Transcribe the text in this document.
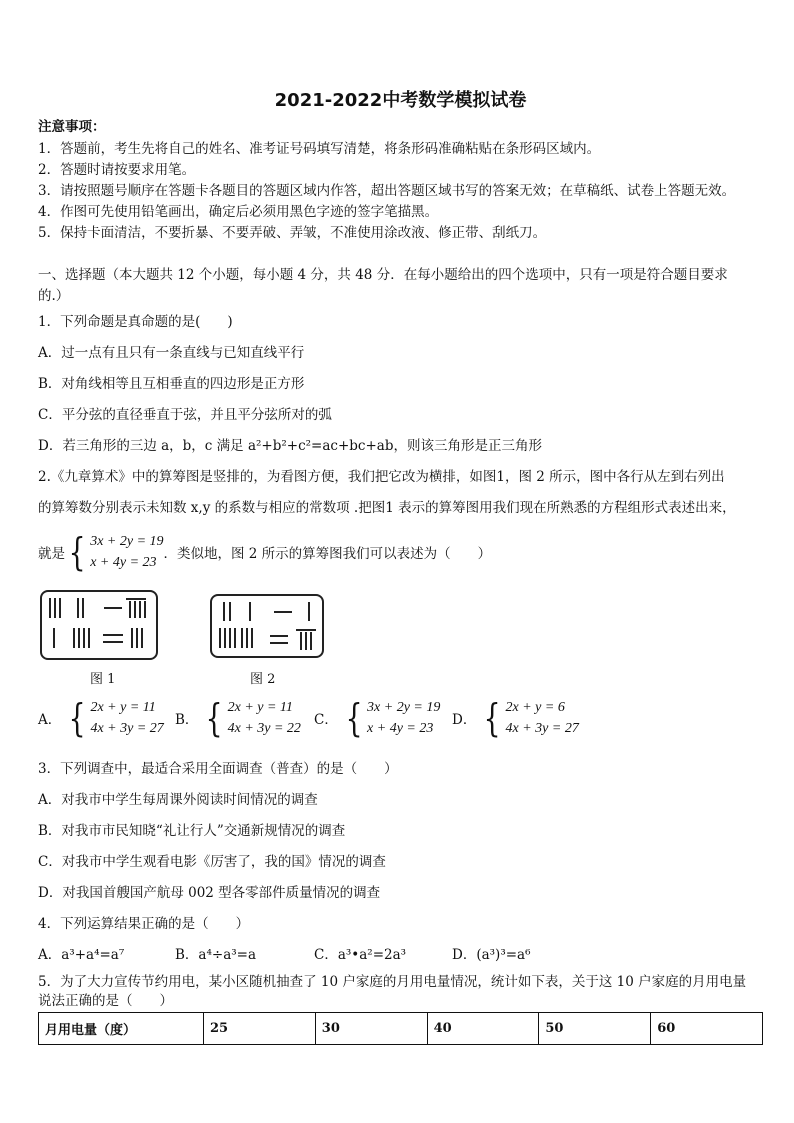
2021-2022中考数学模拟试卷
注意事项：
1．答题前，考生先将自己的姓名、准考证号码填写清楚，将条形码准确粘贴在条形码区域内。
2．答题时请按要求用笔。
3．请按照题号顺序在答题卡各题目的答题区域内作答，超出答题区域书写的答案无效；在草稿纸、试卷上答题无效。
4．作图可先使用铅笔画出，确定后必须用黑色字迹的签字笔描黑。
5．保持卡面清洁，不要折暴、不要弄破、弄皱，不准使用涂改液、修正带、刮纸刀。
一、选择题（本大题共 12 个小题，每小题 4 分，共 48 分．在每小题给出的四个选项中，只有一项是符合题目要求
的.）
1．下列命题是真命题的是(　　)
A．过一点有且只有一条直线与已知直线平行
B．对角线相等且互相垂直的四边形是正方形
C．平分弦的直径垂直于弦，并且平分弦所对的弧
D．若三角形的三边 a，b，c 满足 a²+b²+c²=ac+bc+ab，则该三角形是正三角形
2.《九章算术》中的算筹图是竖排的，为看图方便，我们把它改为横排，如图1，图 2 所示，图中各行从左到右列出
的算筹数分别表示未知数 x,y 的系数与相应的常数项 .把图1 表示的算筹图用我们现在所熟悉的方程组形式表述出来，
就是 { 3x + 2y = 19
x + 4y = 23
．类似地，图 2 所示的算筹图我们可以表述为（　　）
图 1	图 2
A． { 2x + y = 11
4x + 3y = 27
B． { 2x + y = 11
4x + 3y = 22
C． { 3x + 2y = 19
x + 4y = 23
D． { 2x + y = 6
4x + 3y = 27
3．下列调查中，最适合采用全面调查（普查）的是（　　）
A．对我市中学生每周课外阅读时间情况的调查
B．对我市市民知晓“礼让行人”交通新规情况的调查
C．对我市中学生观看电影《厉害了，我的国》情况的调查
D．对我国首艘国产航母 002 型各零部件质量情况的调查
4．下列运算结果正确的是（　　）
A．a³+a⁴=a⁷	B．a⁴÷a³=a	C．a³•a²=2a³	D．(a³)³=a⁶
5．为了大力宣传节约用电，某小区随机抽查了 10 户家庭的月用电量情况，统计如下表，关于这 10 户家庭的月用电量
说法正确的是（　　）
月用电量（度）	25	30	40	50	60
